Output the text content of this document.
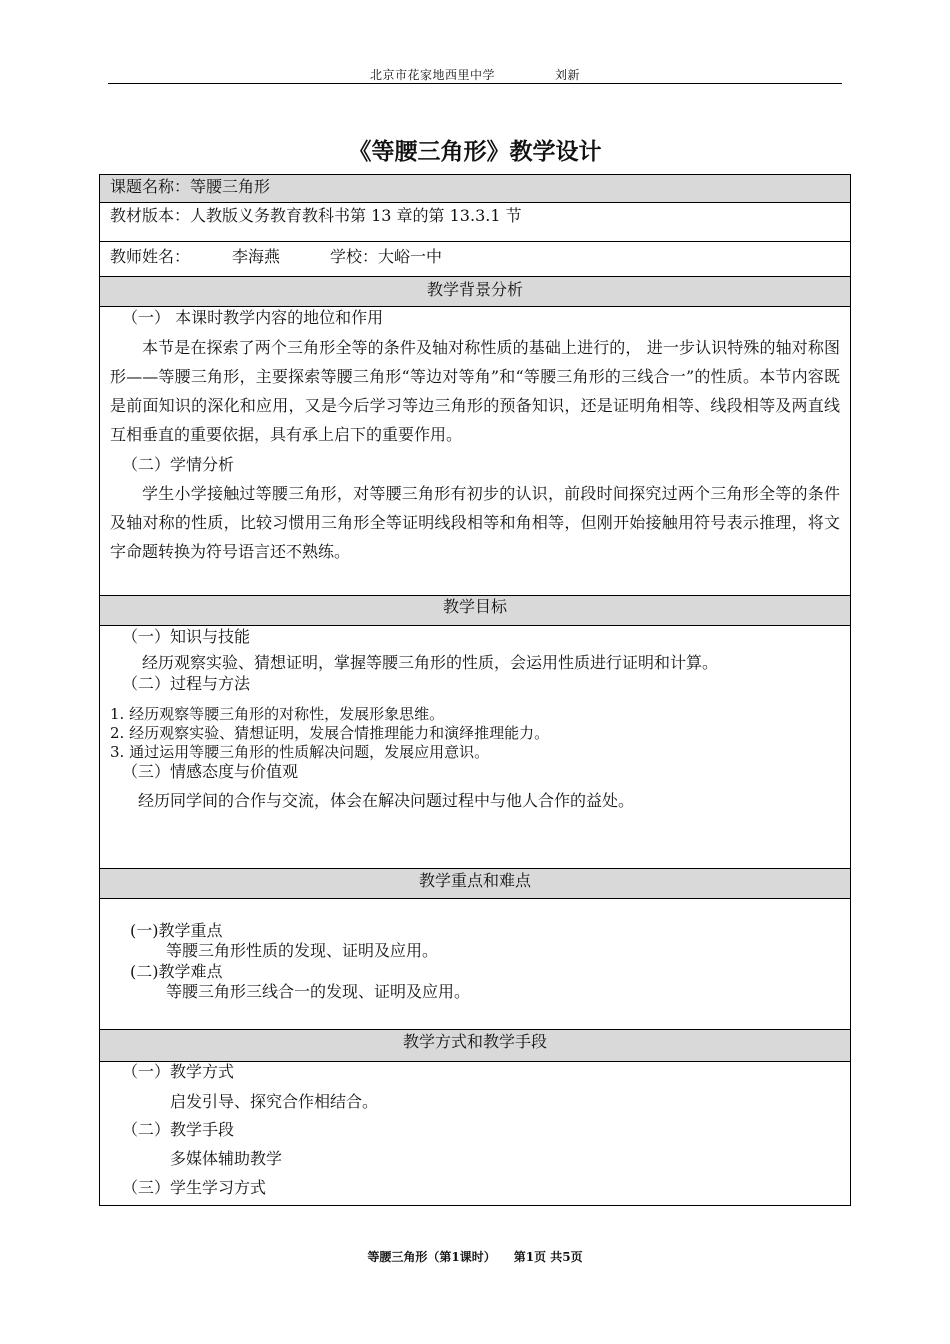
北京市花家地西里中学	刘新
《等腰三角形》教学设计
课题名称：等腰三角形
教材版本：人教版义务教育教科书第 13 章的第 13.3.1 节
教师姓名：	李海燕	学校：大峪一中
教学背景分析
（一） 本课时教学内容的地位和作用

本节是在探索了两个三角形全等的条件及轴对称性质的基础上进行的， 进一步认识特殊的轴对称图形——等腰三角形，主要探索等腰三角形“等边对等角”和“等腰三角形的三线合一”的性质。本节内容既是前面知识的深化和应用，又是今后学习等边三角形的预备知识，还是证明角相等、线段相等及两直线互相垂直的重要依据，具有承上启下的重要作用。

（二）学情分析

学生小学接触过等腰三角形，对等腰三角形有初步的认识，前段时间探究过两个三角形全等的条件及轴对称的性质，比较习惯用三角形全等证明线段相等和角相等，但刚开始接触用符号表示推理，将文字命题转换为符号语言还不熟练。

教学目标
（一）知识与技能

经历观察实验、猜想证明，掌握等腰三角形的性质，会运用性质进行证明和计算。

（二）过程与方法
1. 经历观察等腰三角形的对称性，发展形象思维。
2. 经历观察实验、猜想证明，发展合情推理能力和演绎推理能力。
3. 通过运用等腰三角形的性质解决问题，发展应用意识。
（三）情感态度与价值观

经历同学间的合作与交流，体会在解决问题过程中与他人合作的益处。

教学重点和难点
(一)教学重点
等腰三角形性质的发现、证明及应用。
(二)教学难点
等腰三角形三线合一的发现、证明及应用。
教学方式和教学手段
（一）教学方式
启发引导、探究合作相结合。
（二）教学手段
多媒体辅助教学
（三）学生学习方式
等腰三角形（第1课时） 第1页 共5页
